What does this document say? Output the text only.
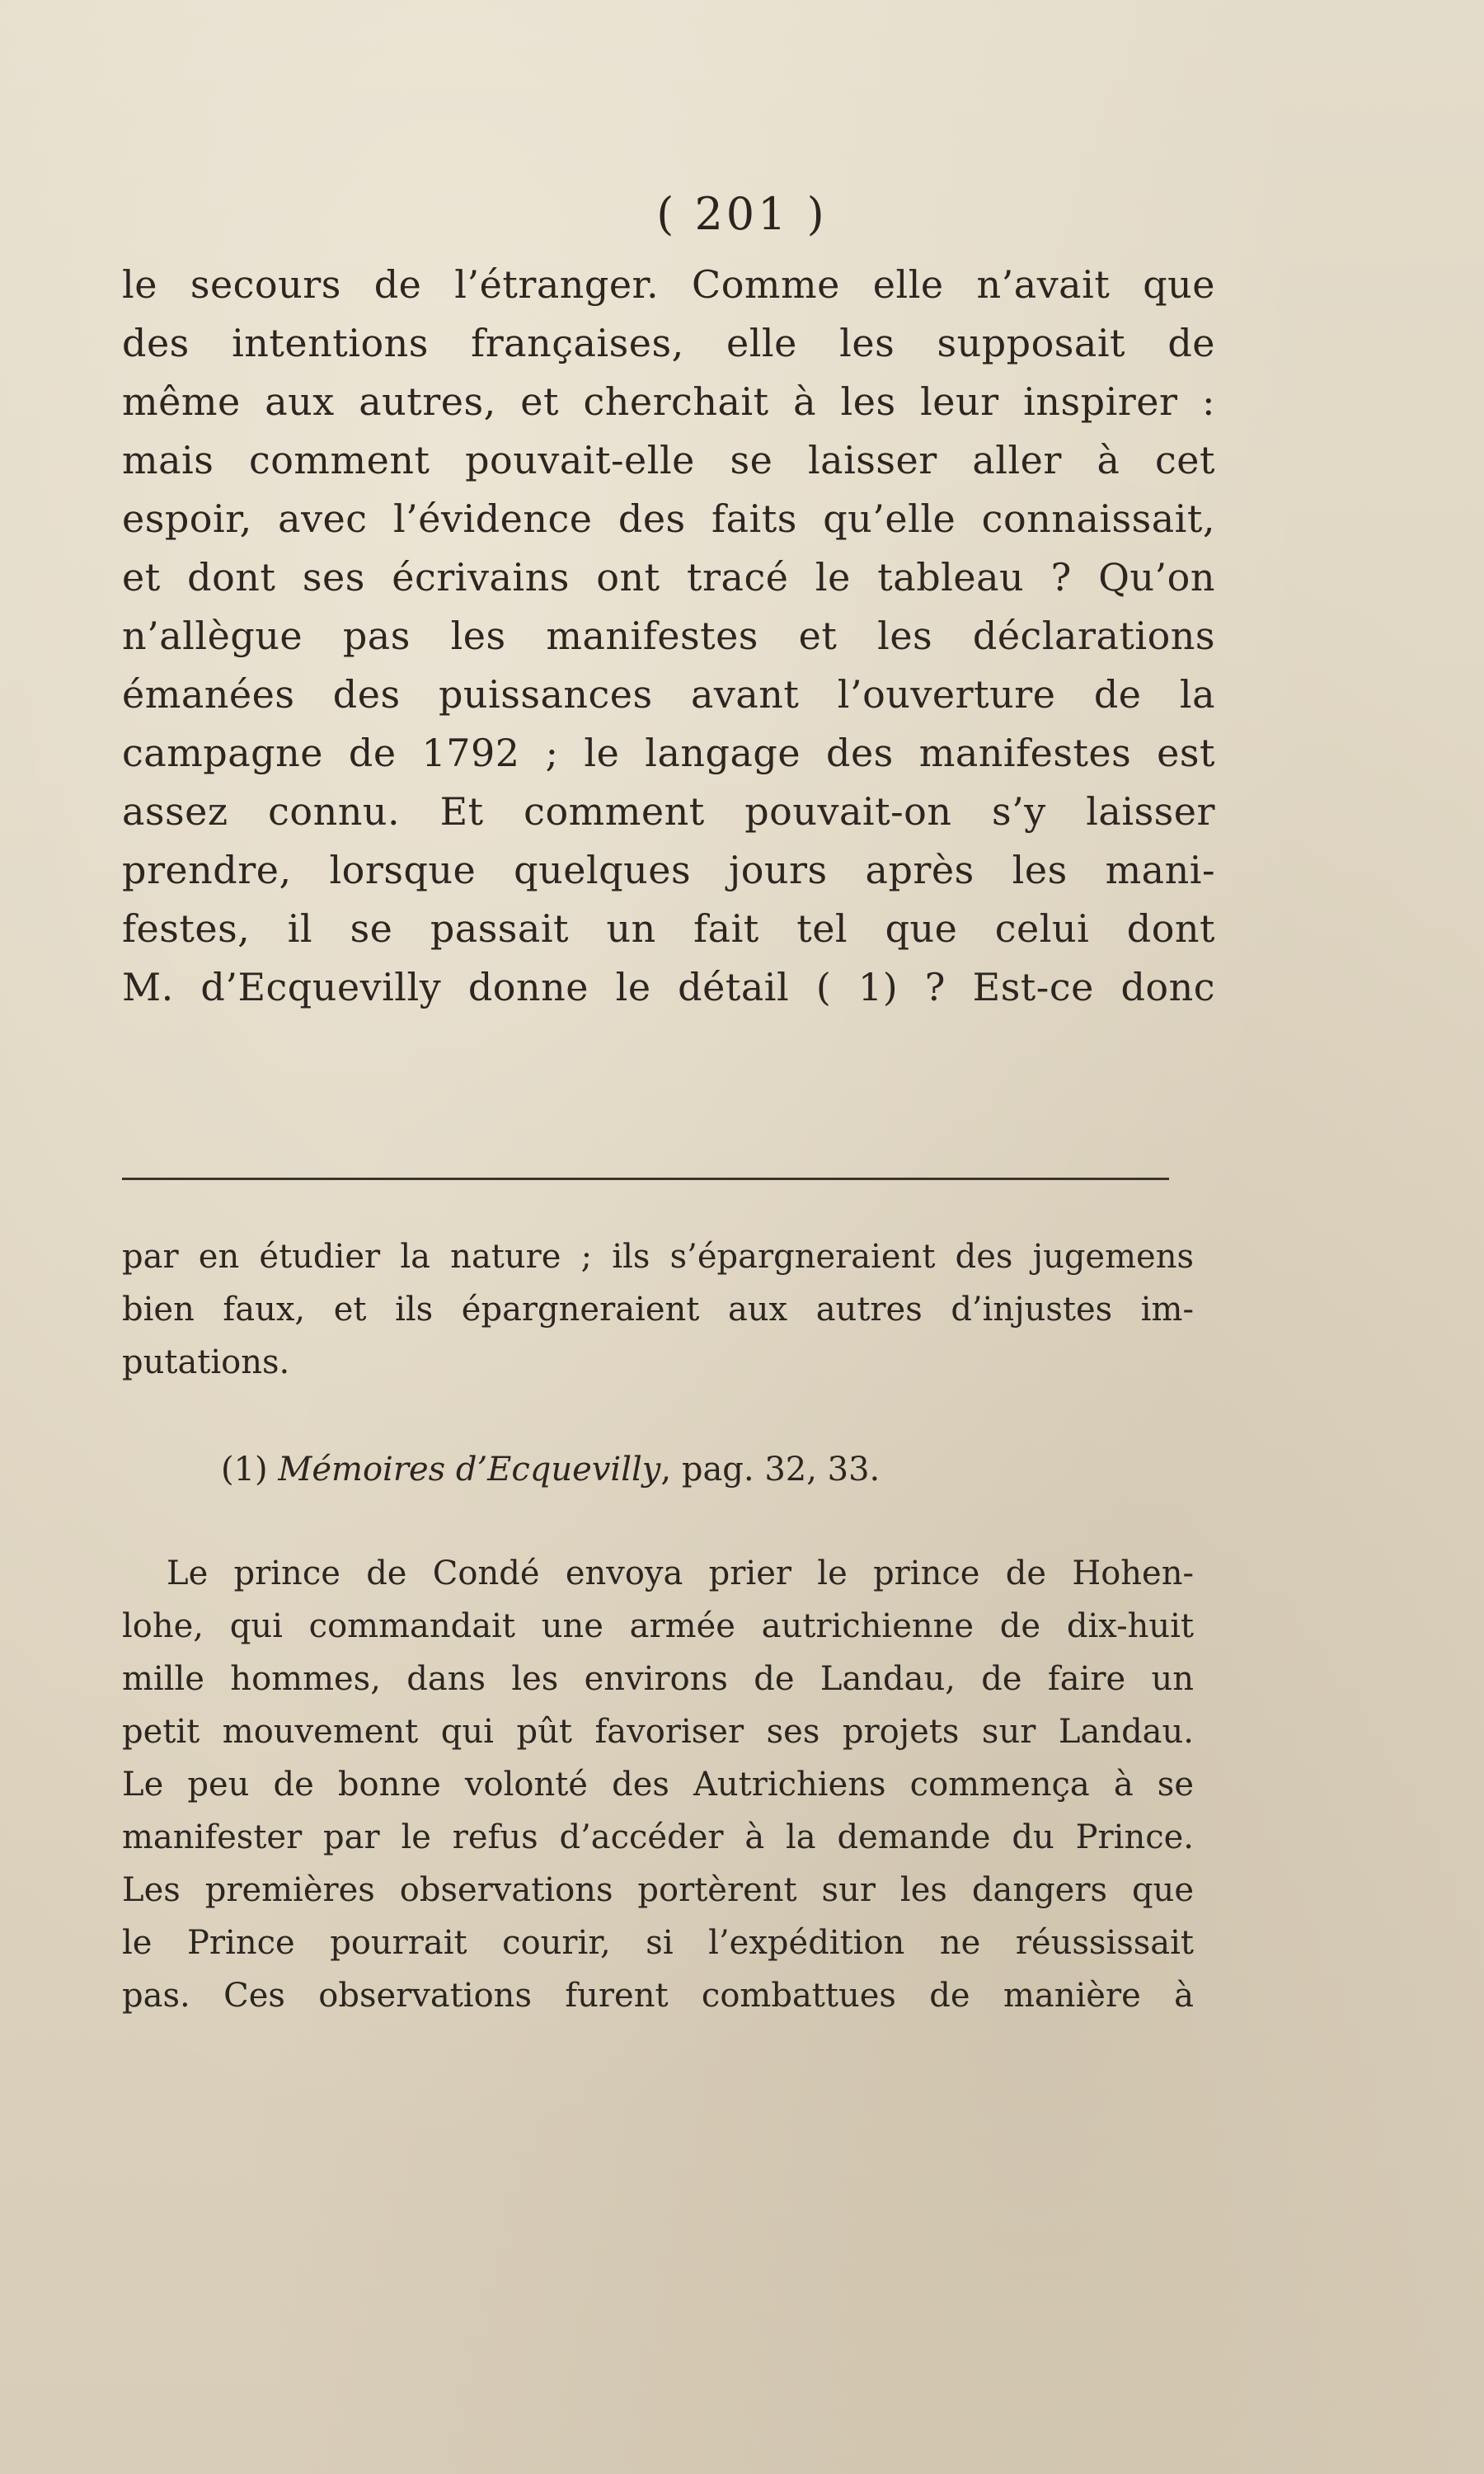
( 201 )
le secours de l’étranger. Comme elle n’avait que
des intentions françaises, elle les supposait de
même aux autres, et cherchait à les leur inspirer :
mais comment pouvait-elle se laisser aller à cet
espoir, avec l’évidence des faits qu’elle connaissait,
et dont ses écrivains ont tracé le tableau ? Qu’on
n’allègue pas les manifestes et les déclarations
émanées des puissances avant l’ouverture de la
campagne de 1792 ; le langage des manifestes est
assez connu. Et comment pouvait-on s’y laisser
prendre, lorsque quelques jours après les mani-
festes, il se passait un fait tel que celui dont
M. d’Ecquevilly donne le détail ( 1) ? Est-ce donc
par en étudier la nature ; ils s’épargneraient des jugemens
bien faux, et ils épargneraient aux autres d’injustes im-
putations.
(1) Mémoires d’Ecquevilly, pag. 32, 33.
Le prince de Condé envoya prier le prince de Hohen-
lohe, qui commandait une armée autrichienne de dix-huit
mille hommes, dans les environs de Landau, de faire un
petit mouvement qui pût favoriser ses projets sur Landau.
Le peu de bonne volonté des Autrichiens commença à se
manifester par le refus d’accéder à la demande du Prince.
Les premières observations portèrent sur les dangers que
le Prince pourrait courir, si l’expédition ne réussissait
pas. Ces observations furent combattues de manière à
